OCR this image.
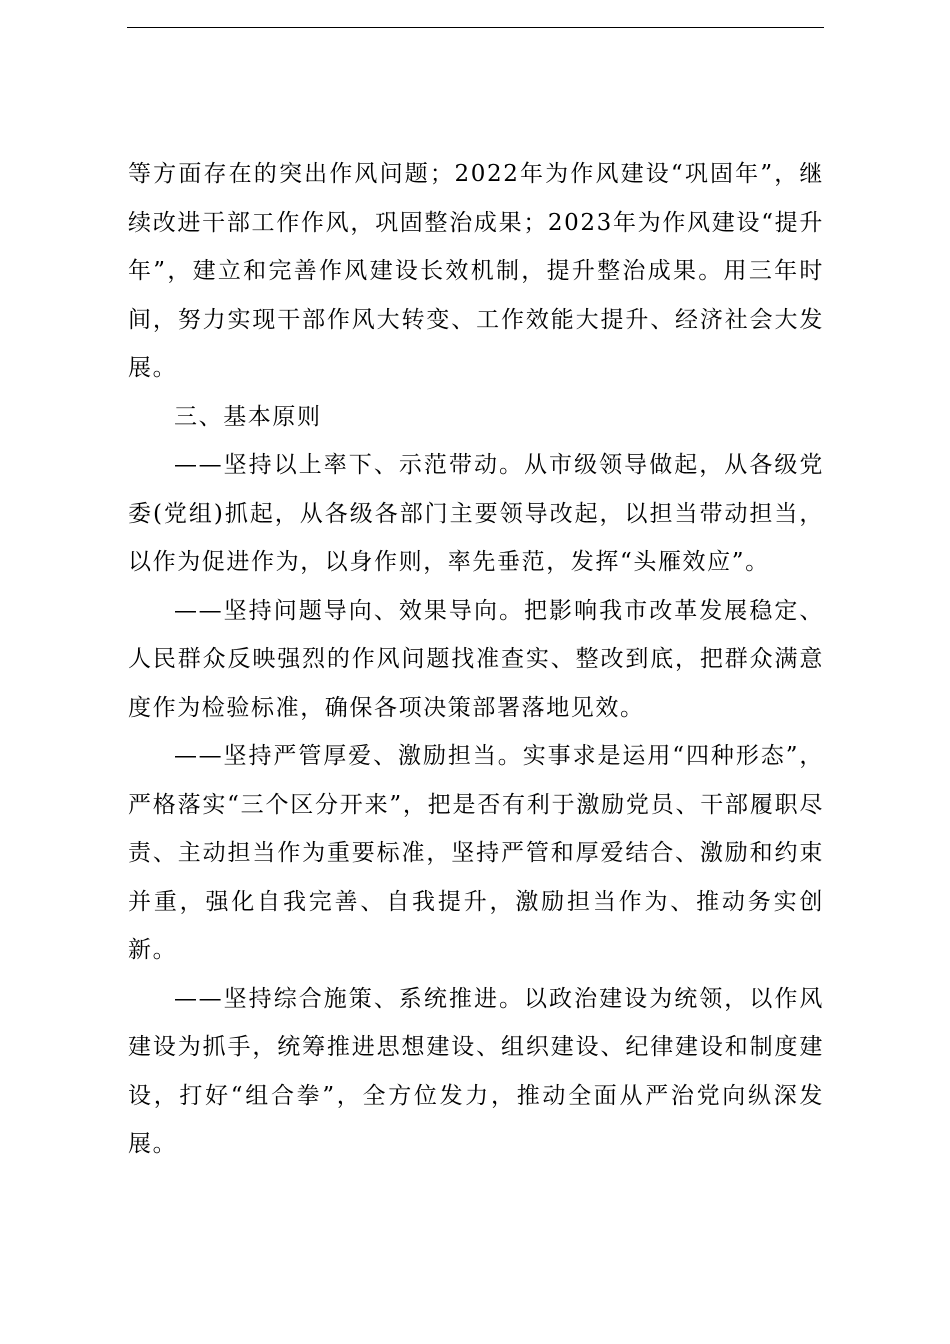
等方面存在的突出作风问题；2022年为作风建设“巩固年”，继续改进干部工作作风，巩固整治成果；2023年为作风建设“提升年”，建立和完善作风建设长效机制，提升整治成果。用三年时间，努力实现干部作风大转变、工作效能大提升、经济社会大发展。

三、基本原则

——坚持以上率下、示范带动。从市级领导做起，从各级党委(党组)抓起，从各级各部门主要领导改起，以担当带动担当，以作为促进作为，以身作则，率先垂范，发挥“头雁效应”。

——坚持问题导向、效果导向。把影响我市改革发展稳定、人民群众反映强烈的作风问题找准查实、整改到底，把群众满意度作为检验标准，确保各项决策部署落地见效。

——坚持严管厚爱、激励担当。实事求是运用“四种形态”，严格落实“三个区分开来”，把是否有利于激励党员、干部履职尽责、主动担当作为重要标准，坚持严管和厚爱结合、激励和约束并重，强化自我完善、自我提升，激励担当作为、推动务实创新。

——坚持综合施策、系统推进。以政治建设为统领，以作风建设为抓手，统筹推进思想建设、组织建设、纪律建设和制度建设，打好“组合拳”，全方位发力，推动全面从严治党向纵深发展。
